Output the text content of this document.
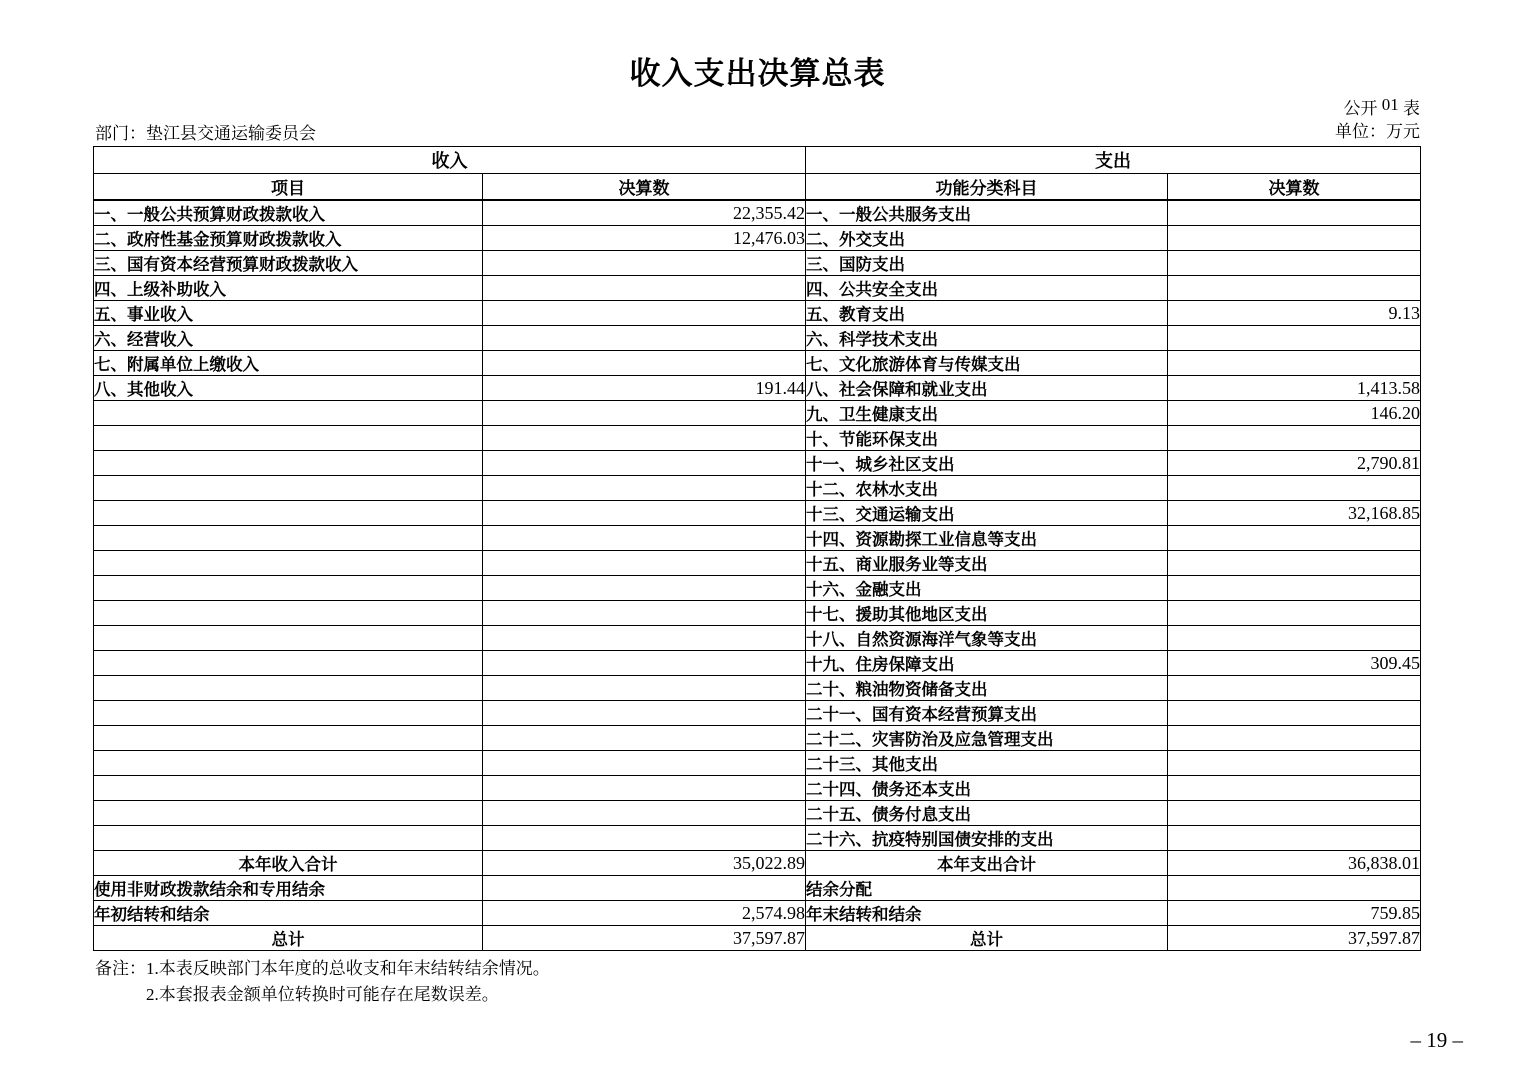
收入支出决算总表
公开 01 表
部门：垫江县交通运输委员会	单位：万元
收入		支出	
项目	决算数	功能分类科目	决算数
一、一般公共预算财政拨款收入	22,355.42	一、一般公共服务支出	
二、政府性基金预算财政拨款收入	12,476.03	二、外交支出	
三、国有资本经营预算财政拨款收入		三、国防支出	
四、上级补助收入		四、公共安全支出	
五、事业收入		五、教育支出	9.13
六、经营收入		六、科学技术支出	
七、附属单位上缴收入		七、文化旅游体育与传媒支出	
八、其他收入	191.44	八、社会保障和就业支出	1,413.58
		九、卫生健康支出	146.20
		十、节能环保支出	
		十一、城乡社区支出	2,790.81
		十二、农林水支出	
		十三、交通运输支出	32,168.85
		十四、资源勘探工业信息等支出	
		十五、商业服务业等支出	
		十六、金融支出	
		十七、援助其他地区支出	
		十八、自然资源海洋气象等支出	
		十九、住房保障支出	309.45
		二十、粮油物资储备支出	
		二十一、国有资本经营预算支出	
		二十二、灾害防治及应急管理支出	
		二十三、其他支出	
		二十四、债务还本支出	
		二十五、债务付息支出	
		二十六、抗疫特别国债安排的支出	
本年收入合计	35,022.89	本年支出合计	36,838.01
使用非财政拨款结余和专用结余		结余分配	
年初结转和结余	2,574.98	年末结转和结余	759.85
总计	37,597.87	总计	37,597.87
备注： 1.本表反映部门本年度的总收支和年末结转结余情况。
2.本套报表金额单位转换时可能存在尾数误差。
– 19 –
